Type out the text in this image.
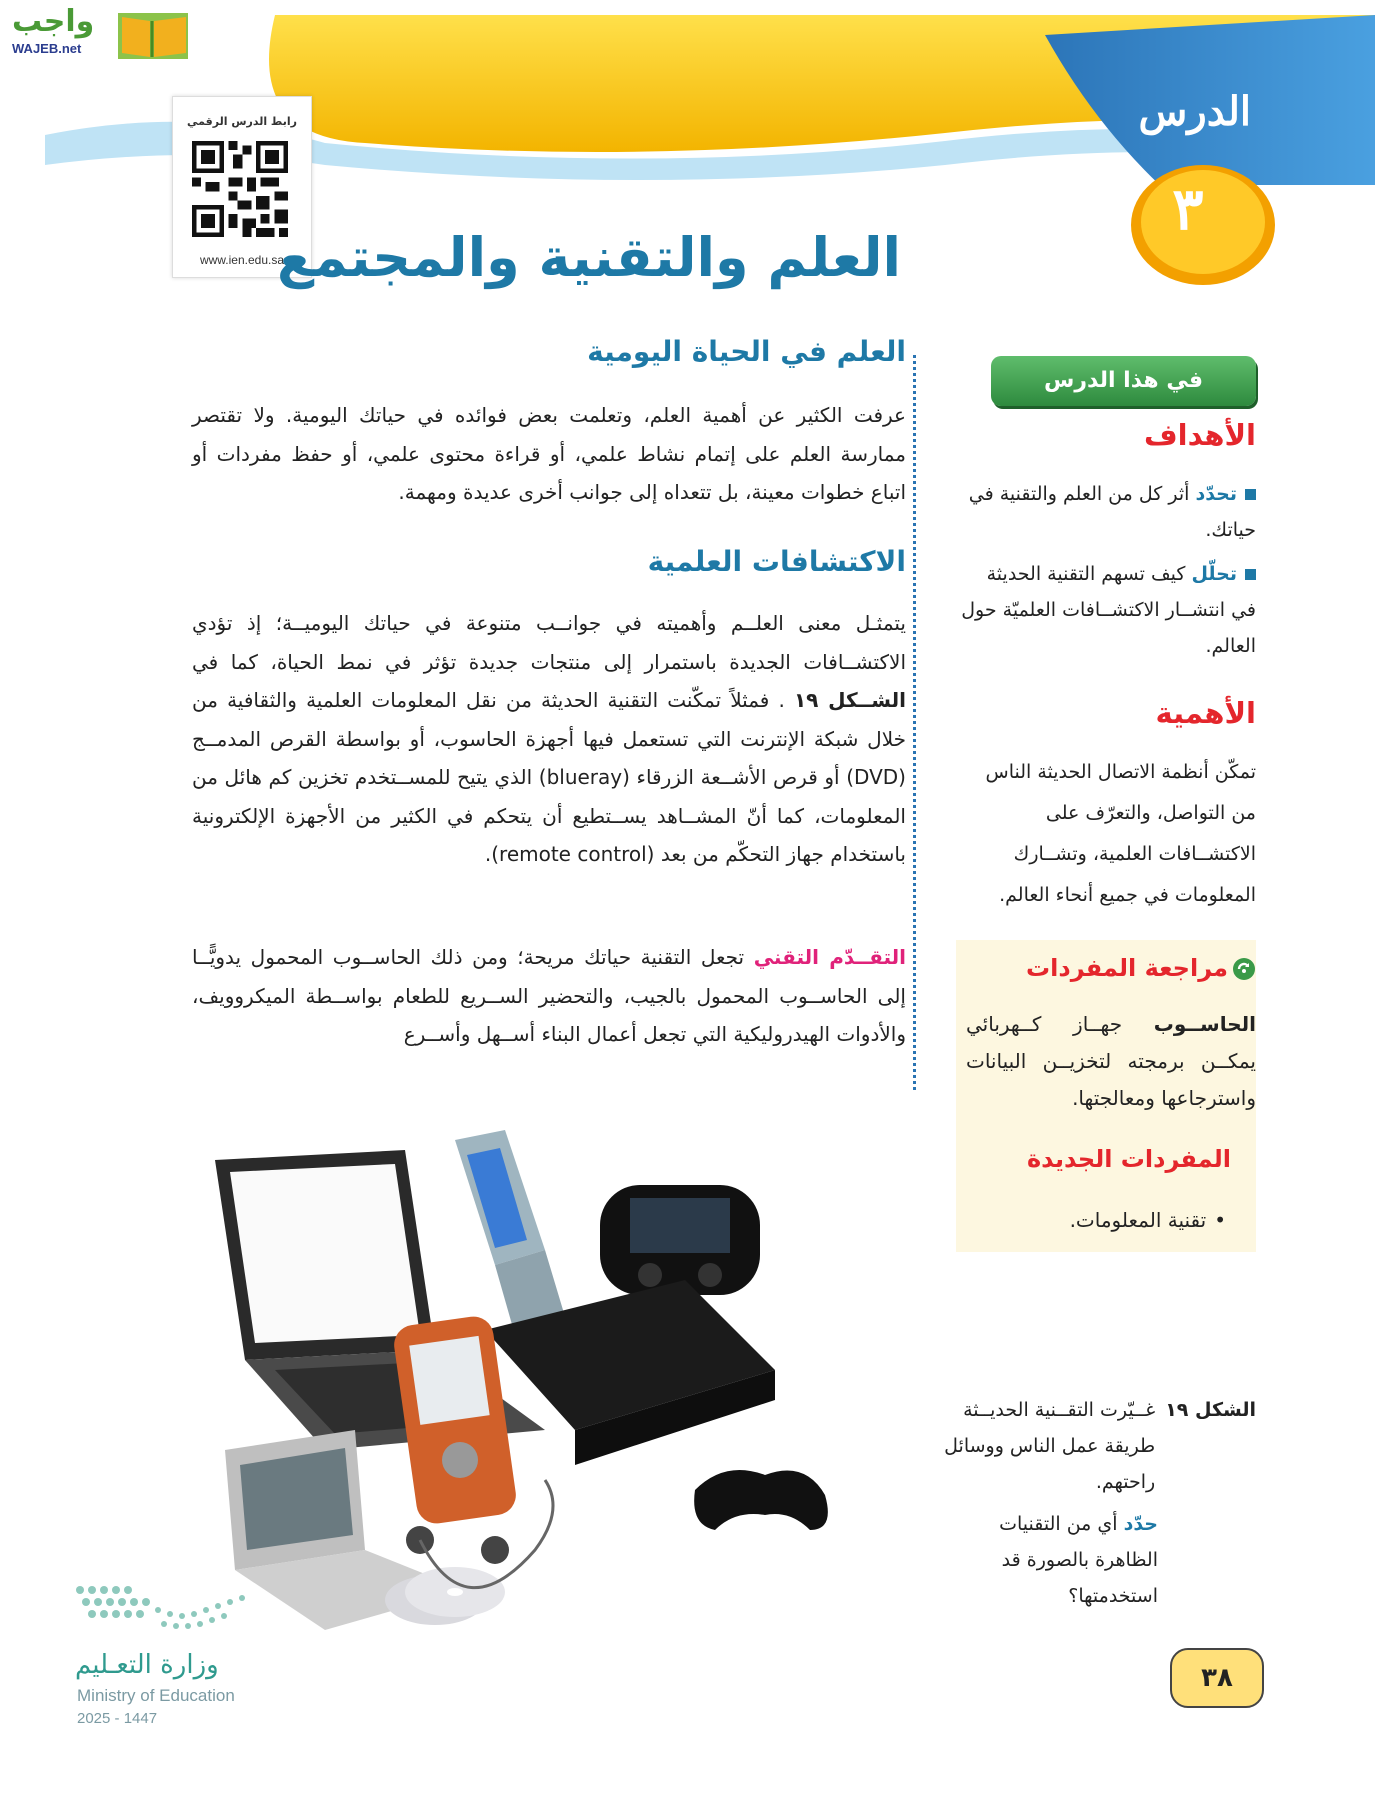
واجب
WAJEB.net
الدرس
٣
رابط الدرس الرقمي
www.ien.edu.sa
العلم والتقنية والمجتمع
العلم في الحياة اليومية
عرفت الكثير عن أهمية العلم، وتعلمت بعض فوائده في حياتك اليومية. ولا تقتصر ممارسة العلم على إتمام نشاط علمي، أو قراءة محتوى علمي، أو حفظ مفردات أو اتباع خطوات معينة، بل تتعداه إلى جوانب أخرى عديدة ومهمة.
الاكتشافات العلمية
يتمثـل معنى العلــم وأهميته في جوانــب متنوعة في حياتك اليوميــة؛ إذ تؤدي الاكتشــافات الجديدة باستمرار إلى منتجات جديدة تؤثر في نمط الحياة، كما في الشــكل ١٩ . فمثلاً تمكّنت التقنية الحديثة من نقل المعلومات العلمية والثقافية من خلال شبكة الإنترنت التي تستعمل فيها أجهزة الحاسوب، أو بواسطة القرص المدمــج (DVD) أو قرص الأشــعة الزرقاء (blueray) الذي يتيح للمســتخدم تخزين كم هائل من المعلومات، كما أنّ المشــاهد يســتطيع أن يتحكم في الكثير من الأجهزة الإلكترونية باستخدام جهاز التحكّم من بعد (remote control).
التقــدّم التقني تجعل التقنية حياتك مريحة؛ ومن ذلك الحاســوب المحمول يدويًّــا إلى الحاســوب المحمول بالجيب، والتحضير الســريع للطعام بواســطة الميكروويف، والأدوات الهيدروليكية التي تجعل أعمال البناء أســهل وأســرع
في هذا الدرس
الأهداف
تحدّد أثر كل من العلم والتقنية في حياتك.
تحلّل كيف تسهم التقنية الحديثة في انتشــار الاكتشــافات العلميّة حول العالم.
الأهمية
تمكّن أنظمة الاتصال الحديثة الناس من التواصل، والتعرّف على الاكتشــافات العلمية، وتشــارك المعلومات في جميع أنحاء العالم.
مراجعة المفردات
الحاســوب جهــاز كــهربائي يمكــن برمجته لتخزيــن البيانات واسترجاعها ومعالجتها.
المفردات الجديدة
•تقنية المعلومات.
الشكل ١٩
غــيّرت التقــنية الحديــثة طريقة عمل الناس ووسائل راحتهم.
حدّد أي من التقنيات الظاهرة بالصورة قد استخدمتها؟
وزارة التعـليم
Ministry of Education
2025 - 1447
٣٨
